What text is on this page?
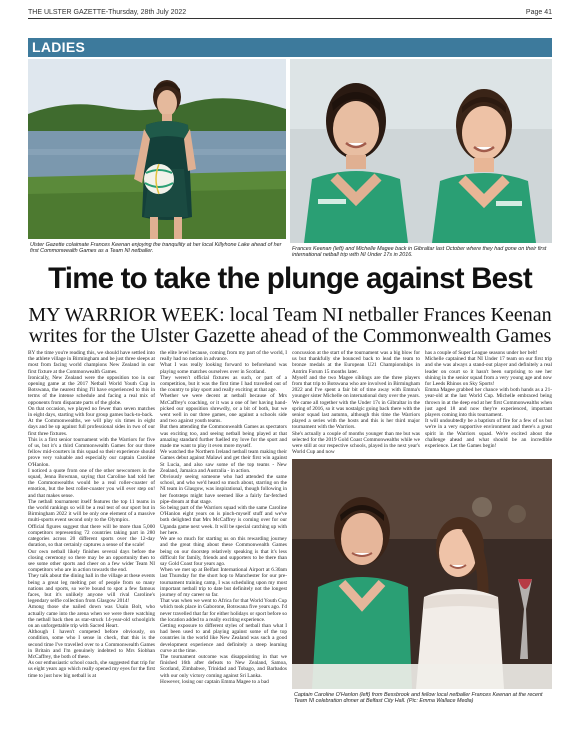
THE ULSTER GAZETTE-Thursday, 28th July 2022	Page 41
LADIES
Ulster Gazette colaimate Frances Keenan enjoying the tranquility at her local Killyhone Lake ahead of her first Commonwealth Games as a Team NI netballer.	Frances Keenan (left) and Michelle Magee back in Gibraltar last October where they had gone on their first international netball trip with NI Under 17s in 2016.
Time to take the plunge against Best
MY WARRIOR WEEK: local Team NI netballer Frances Keenan writes for the Ulster Gazette ahead of the Commonwealth Games

BY the time you're reading this, we should have settled into the athlete village in Birmingham and be just three sleeps at most from facing world champions New Zealand in our first fixture at the Commonwealth Games.

Ironically, New Zealand were the opposition too in our opening game at the 2017 Netball World Youth Cup in Botswana, the nearest thing I'll have experienced to this in terms of the intense schedule and facing a real mix of opponents from disparate parts of the globe.

On that occasion, we played no fewer than seven matches in eight days, starting with four group games back-to-back.

At the Commonwealths, we will play six times in eight days and be up against full professional sides in two of our first three fixtures.

This is a first senior tournament with the Warriors for five of us, but it's a third Commonwealth Games for our three fellow mid-courters in this squad so their experience should prove very valuable and especially our captain Caroline O'Hanlon.

I noticed a quote from one of the other newcomers in the squad, Jenna Bowman, saying that Caroline had told her the Commonwealths would be a real roller-coaster of emotion, but the best roller-coaster you will ever step on! and that makes sense.

The netball tournament itself features the top 11 teams in the world rankings so will be a real test of our sport but in Birmingham 2022 it will be only one element of a massive multi-sports event second only to the Olympics.

Official figures suggest that there will be more than 5,000 competitors representing 72 countries taking part in 280 categories across 20 different sports over the 12-day duration, so that certainly captures a sense of the scale!

Our own netball likely finishes several days before the closing ceremony so there may be an opportunity then to see some other sports and cheer on a few wider Team NI competitors who are in action towards the end.

They talk about the dining hall in the village at these events being a great leg melting pot of people from so many nations and sports, so we're bound to spot a few famous faces, but it's unlikely anyone will rival Caroline's legendary selfie collection from Glasgow 2014!

Among those she nailed down was Usain Bolt, who actually came into the arena when we were there watching the netball back then as star-struck 14-year-old schoolgirls on an unforgettable trip with Sacred Heart.

Although I haven't competed before obviously, on condition, some who I sense in check, that this is the second time I've travelled over to a Commonwealth Games in Britain and I'm genuinely indebted to Mrs Siobhan McCaffrey, the both of these.

As our enthusiastic school coach, she suggested that trip for us eight years ago which really opened my eyes for the first time to just how big netball is at

the elite level because, coming from my part of the world, I really had no notion in advance.

What I was really looking forward to beforehand was playing some matches ourselves over in Scotland.

They weren't official fixtures as such, or part of a competition, but it was the first time I had travelled out of the country to play sport and really exciting at that age.

Whether we were decent at netball because of Mrs McCaffrey's coaching, or it was a one of her having hand-picked our opposition shrewdly, or a bit of both, but we went well in our three games, one against a schools side and two against youth teams.

But then attending the Commonwealth Games as spectators was exciting too, and seeing netball being played at that amazing standard further fuelled my love for the sport and made me want to play it even more myself.

We watched the Northern Ireland netball team making their Games debut against Malawi and get their first win against St Lucia, and also saw some of the top teams - New Zealand, Jamaica and Australia - in action.

Obviously seeing someone who had attended the same school, and who we'd heard so much about, starring on the NI team in Glasgow, was inspirational, though following in her footsteps might have seemed like a fairly far-fetched pipe-dream at that stage.

So being part of the Warriors squad with the same Caroline O'Hanlon eight years on is pinch-myself stuff and we've both delighted that Mrs McCaffrey is coming over for our Uganda game next week. It will be special catching up with her here.

We are so much for starting us on this rewarding journey and the great thing about these Commonwealth Games being on our doorstep relatively speaking is that it's less difficult for family, friends and supporters to be there than say Gold Coast four years ago.

When we met up at Belfast International Airport at 6.30am last Thursday for the short hop to Manchester for our pre-tournament training camp, I was scheduling upon my most important netball trip to date but definitely not the longest journey of my career so far.

That was when we went to Africa for that World Youth Cup which took place in Gaborone, Botswana five years ago. I'd never travelled that far for either holidays or sport before so the location added to a really exciting experience.

Getting exposure to different styles of netball than what I had been used to and playing against some of the top countries in the world like New Zealand was such a good development experience and definitely a steep learning curve at the time.

The tournament outcome was disappointing in that we finished 16th after defeats to New Zealand, Samoa, Scotland, Zimbabwe, Trinidad and Tobago, and Barbados with our only victory coming against Sri Lanka.

However, losing our captain Emma Magee to a bad

concussion at the start of the tournament was a big blow for us but thankfully she bounced back to lead the team to bronze medals at the European U21 Championships in Antrim Forum 15 months later.

Myself and the two Magee siblings are the three players from that trip to Botswana who are involved in Birmingham 2022 and I've spent a fair bit of time away with Emma's younger sister Michelle on international duty over the years.

We came all together with the Under 17s in Gibraltar in the spring of 2016, so it was nostalgic going back there with the senior squad last autumn, although this time the Warriors played a series with the hosts and this is her third major tournament with the Warriors.

She's actually a couple of months younger than me but was selected for the 2019 Gold Coast Commonwealths while we were still at our respective schools, played in the next year's World Cup and now

has a couple of Super League seasons under her belt!

Michelle captained that NI Under 17 team on our first trip and she was always a stand-out player and definitely a real leader on court so it hasn't been surprising to see her shining in the senior squad from a very young age and now for Leeds Rhinos on Sky Sports!

Emma Magee grabbed her chance with both hands as a 21-year-old at the last World Cup. Michelle embraced being thrown in at the deep end at her first Commonwealths when just aged 18 and now they're experienced, important players coming into this tournament.

It will undoubtedly be a baptism of fire for a few of us but we're in a very supportive environment and there's a great spirit in the Warriors squad. We're excited about the challenge ahead and what should be an incredible experience. Let the Games begin!

Captain Caroline O'Hanlon (left) from Bessbrook and fellow local netballer Frances Keenan at the recent Team NI celebration dinner at Belfast City Hall. (Pic: Emma Wallace Media)
